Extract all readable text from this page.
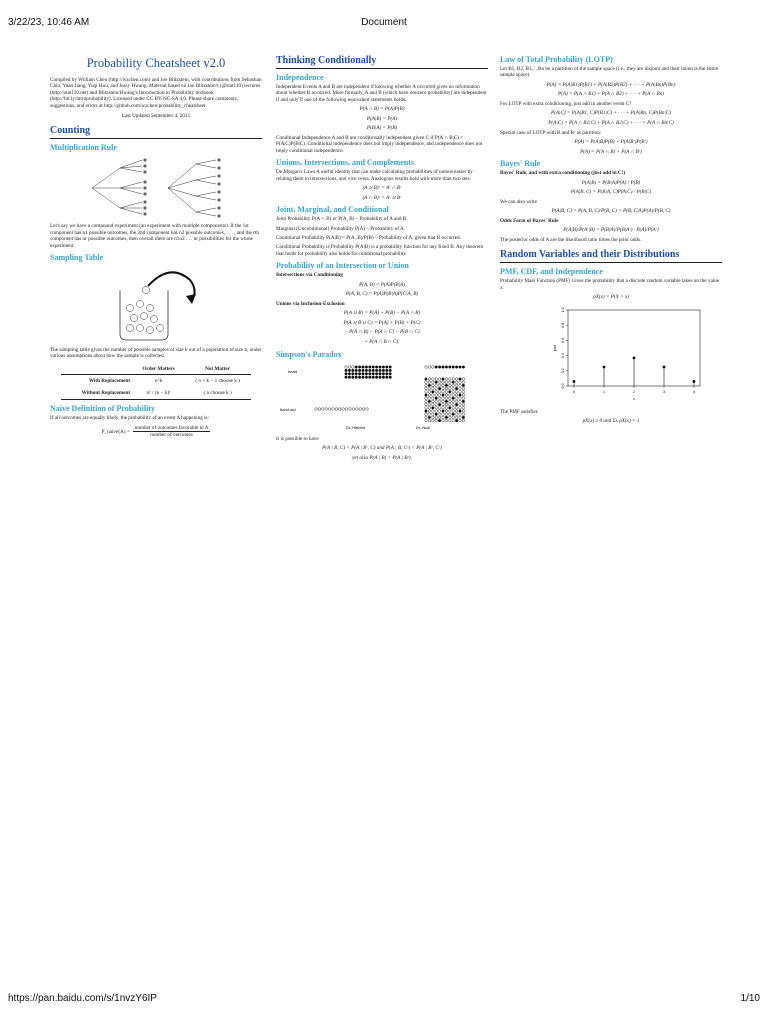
3/22/23, 10:46 AM	Document
Probability Cheatsheet v2.0

Compiled by William Chen (http://wzchen.com) and Joe Blitzstein, with contributions from Sebastian Chiu, Yuan Jiang, Yuqi Hou, and Jessy Hwang. Material based on Joe Blitzstein's (@stat110) lectures (http://stat110.net) and Blitzstein/Hwang's Introduction to Probability textbook (http://bit.ly/introprobability). Licensed under CC BY-NC-SA 4.0. Please share comments, suggestions, and errors at http://github.com/wzchen/probability_cheatsheet.

Last Updated September 4, 2015

Counting
Multiplication Rule

Let's say we have a compound experiment (an experiment with multiple components). If the 1st component has n1 possible outcomes, the 2nd component has n2 possible outcomes, . . . , and the rth component has nr possible outcomes, then overall there are n1n2 . . . nr possibilities for the whole experiment.

Sampling Table

The sampling table gives the number of possible samples of size k out of a population of size n, under various assumptions about how the sample is collected.

	Order Matters	Not Matter
With Replacement	n^k	( n + k − 1 choose k )
Without Replacement	n! / (n − k)!	( n choose k )
Naive Definition of Probability

If all outcomes are equally likely, the probability of an event A happening is:

P_naive(A) = $\frac{\text{number of outcomes favorable to A}}{\text{number of outcomes}}$
Thinking Conditionally
Independence

Independent Events A and B are independent if knowing whether A occurred gives no information about whether B occurred. More formally, A and B (which have nonzero probability) are independent if and only if one of the following equivalent statements holds:

P(A ∩ B) = P(A)P(B)
P(A|B) = P(A)
P(B|A) = P(B)

Conditional Independence A and B are conditionally independent given C if P(A ∩ B|C) = P(A|C)P(B|C). Conditional independence does not imply independence, and independence does not imply conditional independence.

Unions, Intersections, and Complements

De Morgan's Laws A useful identity that can make calculating probabilities of unions easier by relating them to intersections, and vice versa. Analogous results hold with more than two sets.

(A ∪ B)ᶜ = Aᶜ ∩ Bᶜ
(A ∩ B)ᶜ = Aᶜ ∪ Bᶜ
Joint, Marginal, and Conditional

Joint Probability P(A ∩ B) or P(A, B) – Probability of A and B.

Marginal (Unconditional) Probability P(A) – Probability of A.

Conditional Probability P(A|B) = P(A, B)/P(B) – Probability of A, given that B occurred.

Conditional Probability is Probability P(A|B) is a probability function for any fixed B. Any theorem that holds for probability also holds for conditional probability.

Probability of an Intersection or Union

Intersections via Conditioning

P(A, B) = P(A)P(B|A)
P(A, B, C) = P(A)P(B|A)P(C|A, B)

Unions via Inclusion-Exclusion

P(A ∪ B) = P(A) + P(B) − P(A ∩ B)
P(A ∪ B ∪ C) = P(A) + P(B) + P(C)
− P(A ∩ B) − P(A ∩ C) − P(B ∩ C)
+ P(A ∩ B ∩ C).
Simpson's Paradox
heart
band-aid
Dr. Hibbert	Dr. Nick

It is possible to have

P(A | B, C) < P(A | Bᶜ, C) and P(A | B, Cᶜ) < P(A | Bᶜ, Cᶜ)
yet also P(A | B) > P(A | Bᶜ).
Law of Total Probability (LOTP)

Let B1, B2, B3, ...Bn be a partition of the sample space (i.e., they are disjoint and their union is the entire sample space).

P(A) = P(A|B1)P(B1) + P(A|B2)P(B2) + · · · + P(A|Bn)P(Bn)
P(A) = P(A ∩ B1) + P(A ∩ B2) + · · · + P(A ∩ Bn)

For LOTP with extra conditioning, just add in another event C!

P(A|C) = P(A|B1, C)P(B1|C) + · · · + P(A|Bn, C)P(Bn|C)
P(A|C) = P(A ∩ B1|C) + P(A ∩ B2|C) + · · · + P(A ∩ Bn|C)

Special case of LOTP with B and Bᶜ as partition:

P(A) = P(A|B)P(B) + P(A|Bᶜ)P(Bᶜ)
P(A) = P(A ∩ B) + P(A ∩ Bᶜ)
Bayes' Rule

Bayes' Rule, and with extra conditioning (just add in C!)

P(A|B) = P(B|A)P(A) / P(B)
P(A|B, C) = P(B|A, C)P(A|C) / P(B|C)

We can also write

P(A|B, C) = P(A, B, C)/P(B, C) = P(B, C|A)P(A)/P(B, C)

Odds Form of Bayes' Rule

P(A|B)/P(Aᶜ|B) = P(B|A)/P(B|Aᶜ) · P(A)/P(Aᶜ)

The posterior odds of A are the likelihood ratio times the prior odds.

Random Variables and their Distributions
PMF, CDF, and Independence

Probability Mass Function (PMF) Gives the probability that a discrete random variable takes on the value x.

pX(x) = P(X = x)
0.0
0.2
0.4
0.6
0.8
1.0
0	1	2	3	4
x
pmf

The PMF satisfies

pX(x) ≥ 0 and Σx pX(x) = 1
https://pan.baidu.com/s/1nvzY6IP	1/10
